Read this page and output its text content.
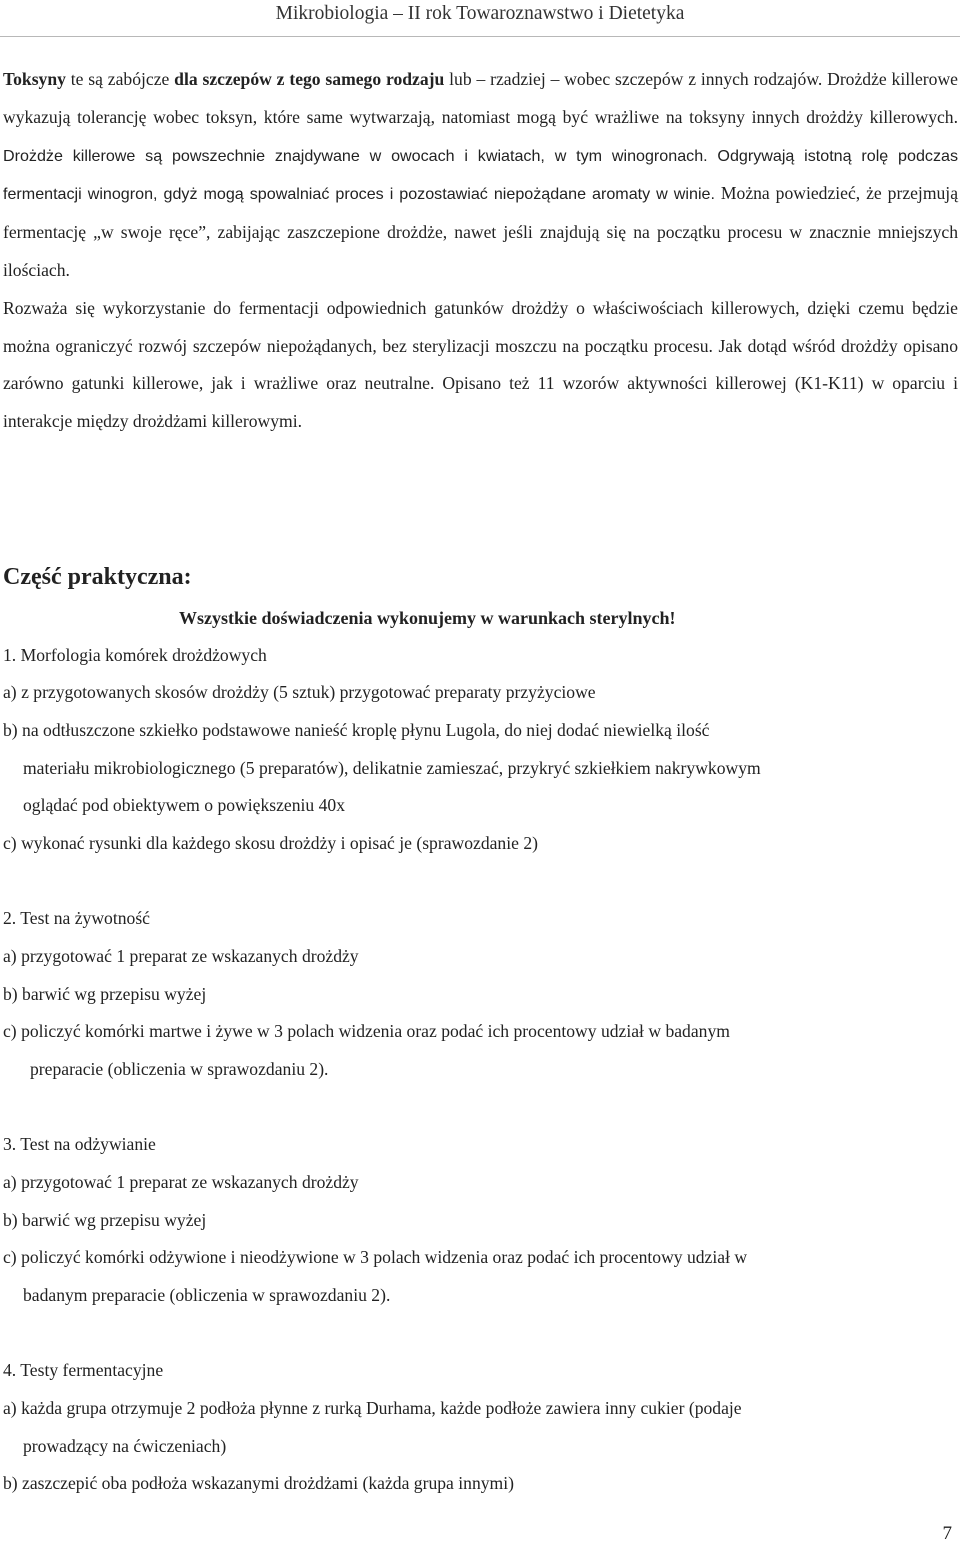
Mikrobiologia – II rok Towaroznawstwo i Dietetyka

Toksyny te są zabójcze dla szczepów z tego samego rodzaju lub – rzadziej – wobec szczepów z innych rodzajów. Drożdże killerowe wykazują tolerancję wobec toksyn, które same wytwarzają, natomiast mogą być wrażliwe na toksyny innych drożdży killerowych. Drożdże killerowe są powszechnie znajdywane w owocach i kwiatach, w tym winogronach. Odgrywają istotną rolę podczas fermentacji winogron, gdyż mogą spowalniać proces i pozostawiać niepożądane aromaty w winie. Można powiedzieć, że przejmują fermentację „w swoje ręce”, zabijając zaszczepione drożdże, nawet jeśli znajdują się na początku procesu w znacznie mniejszych ilościach.

Rozważa się wykorzystanie do fermentacji odpowiednich gatunków drożdży o właściwościach killerowych, dzięki czemu będzie można ograniczyć rozwój szczepów niepożądanych, bez sterylizacji moszczu na początku procesu. Jak dotąd wśród drożdży opisano zarówno gatunki killerowe, jak i wrażliwe oraz neutralne. Opisano też 11 wzorów aktywności killerowej (K1-K11) w oparciu i interakcje między drożdżami killerowymi.

Część praktyczna:

Wszystkie doświadczenia wykonujemy w warunkach sterylnych!

1. Morfologia komórek drożdżowych
a) z przygotowanych skosów drożdży (5 sztuk) przygotować preparaty przyżyciowe
b) na odtłuszczone szkiełko podstawowe nanieść kroplę płynu Lugola, do niej dodać niewielką ilość
materiału mikrobiologicznego (5 preparatów), delikatnie zamieszać, przykryć szkiełkiem nakrywkowym
oglądać pod obiektywem o powiększeniu 40x
c) wykonać rysunki dla każdego skosu drożdży i opisać je (sprawozdanie 2)
2. Test na żywotność
a) przygotować 1 preparat ze wskazanych drożdży
b) barwić wg przepisu wyżej
c) policzyć komórki martwe i żywe w 3 polach widzenia oraz podać ich procentowy udział w badanym
preparacie (obliczenia w sprawozdaniu 2).
3. Test na odżywianie
a) przygotować 1 preparat ze wskazanych drożdży
b) barwić wg przepisu wyżej
c) policzyć komórki odżywione i nieodżywione w 3 polach widzenia oraz podać ich procentowy udział w
badanym preparacie (obliczenia w sprawozdaniu 2).
4. Testy fermentacyjne
a) każda grupa otrzymuje 2 podłoża płynne z rurką Durhama, każde podłoże zawiera inny cukier (podaje
prowadzący na ćwiczeniach)
b) zaszczepić oba podłoża wskazanymi drożdżami (każda grupa innymi)
7
